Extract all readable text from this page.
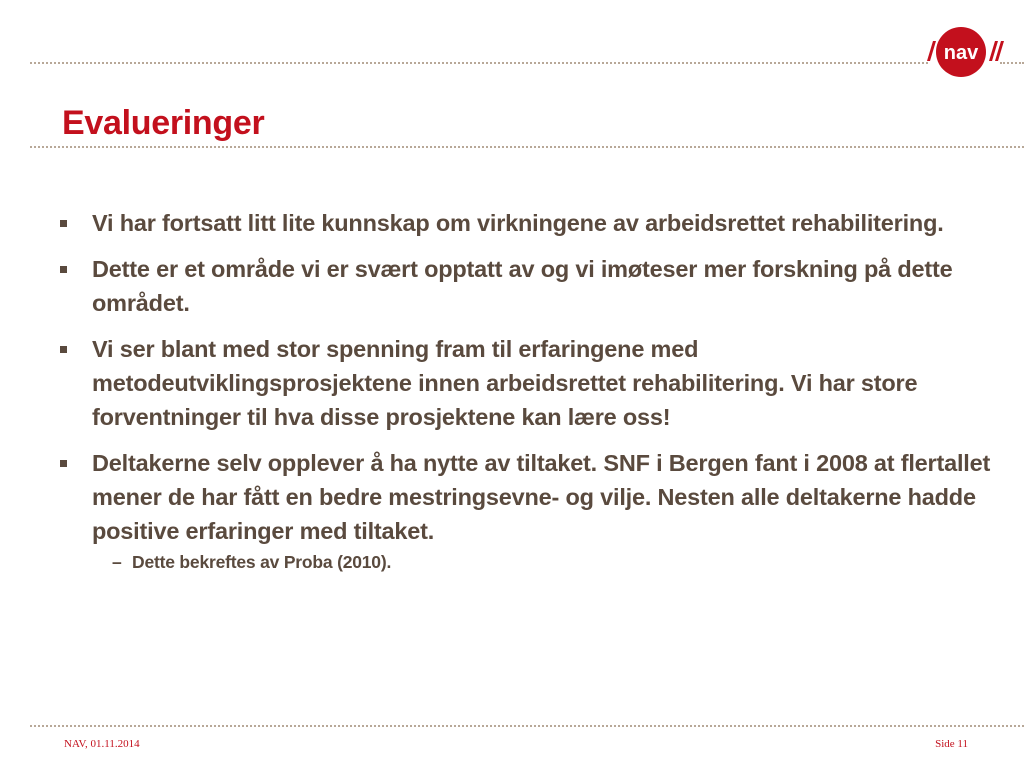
nav
Evalueringer
Vi har fortsatt litt lite kunnskap om virkningene av arbeidsrettet rehabilitering.
Dette er et område vi er svært opptatt av og vi imøteser mer forskning på dette området.
Vi ser blant med stor spenning fram til erfaringene med metodeutviklingsprosjektene innen arbeidsrettet rehabilitering. Vi har store forventninger til hva disse prosjektene kan lære oss!
Deltakerne selv opplever å ha nytte av tiltaket. SNF i Bergen fant i 2008 at flertallet mener de har fått en bedre mestringsevne- og vilje. Nesten alle deltakerne hadde positive erfaringer med tiltaket.
– Dette bekreftes av Proba (2010).
NAV, 01.11.2014	Side 11
